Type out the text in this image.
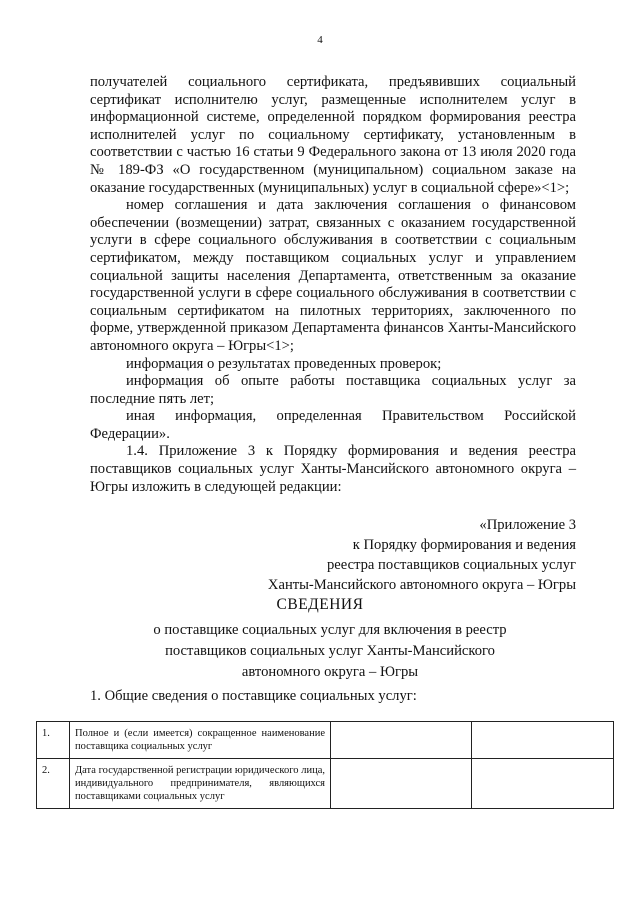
4

получателей социального сертификата, предъявивших социальный сертификат исполнителю услуг, размещенные исполнителем услуг в информационной системе, определенной порядком формирования реестра исполнителей услуг по социальному сертификату, установленным в соответствии с частью 16 статьи 9 Федерального закона от 13 июля 2020 года № 189-ФЗ «О государственном (муниципальном) социальном заказе на оказание государственных (муниципальных) услуг в социальной сфере»<1>;

номер соглашения и дата заключения соглашения о финансовом обеспечении (возмещении) затрат, связанных с оказанием государственной услуги в сфере социального обслуживания в соответствии с социальным сертификатом, между поставщиком социальных услуг и управлением социальной защиты населения Департамента, ответственным за оказание государственной услуги в сфере социального обслуживания в соответствии с социальным сертификатом на пилотных территориях, заключенного по форме, утвержденной приказом Департамента финансов Ханты-Мансийского автономного округа – Югры<1>;

информация о результатах проведенных проверок;

информация об опыте работы поставщика социальных услуг за последние пять лет;

иная информация, определенная Правительством Российской Федерации».

1.4. Приложение 3 к Порядку формирования и ведения реестра поставщиков социальных услуг Ханты-Мансийского автономного округа – Югры изложить в следующей редакции:

«Приложение 3
к Порядку формирования и ведения
реестра поставщиков социальных услуг
Ханты-Мансийского автономного округа – Югры
СВЕДЕНИЯ
о поставщике социальных услуг для включения в реестр поставщиков социальных услуг Ханты-Мансийского автономного округа – Югры
1. Общие сведения о поставщике социальных услуг:
1.	Полное и (если имеется) сокращенное наименование поставщика социальных услуг		
2.	Дата государственной регистрации юридического лица, индивидуального предпринимателя, являющихся поставщиками социальных услуг		
